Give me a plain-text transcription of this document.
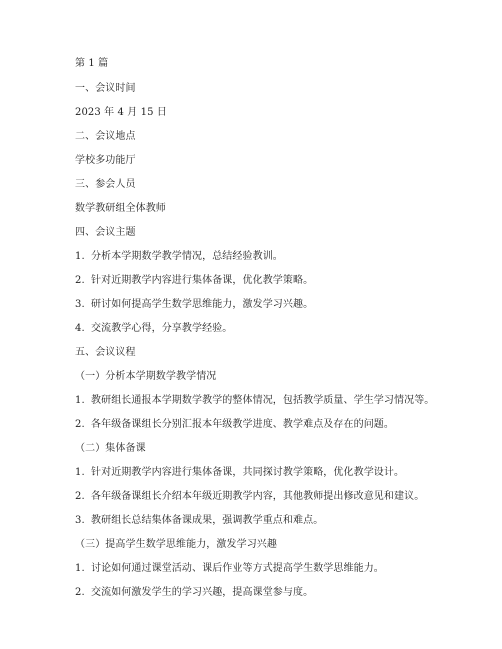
第 1 篇
一、会议时间
2023 年 4 月 15 日
二、会议地点
学校多功能厅
三、参会人员
数学教研组全体教师
四、会议主题
1. 分析本学期数学教学情况，总结经验教训。
2. 针对近期教学内容进行集体备课，优化教学策略。
3. 研讨如何提高学生数学思维能力，激发学习兴趣。
4. 交流教学心得，分享教学经验。
五、会议议程
（一）分析本学期数学教学情况
1. 教研组长通报本学期数学教学的整体情况，包括教学质量、学生学习情况等。
2. 各年级备课组长分别汇报本年级教学进度、教学难点及存在的问题。
（二）集体备课
1. 针对近期教学内容进行集体备课，共同探讨教学策略，优化教学设计。
2. 各年级备课组长介绍本年级近期教学内容，其他教师提出修改意见和建议。
3. 教研组长总结集体备课成果，强调教学重点和难点。
（三）提高学生数学思维能力，激发学习兴趣
1. 讨论如何通过课堂活动、课后作业等方式提高学生数学思维能力。
2. 交流如何激发学生的学习兴趣，提高课堂参与度。
